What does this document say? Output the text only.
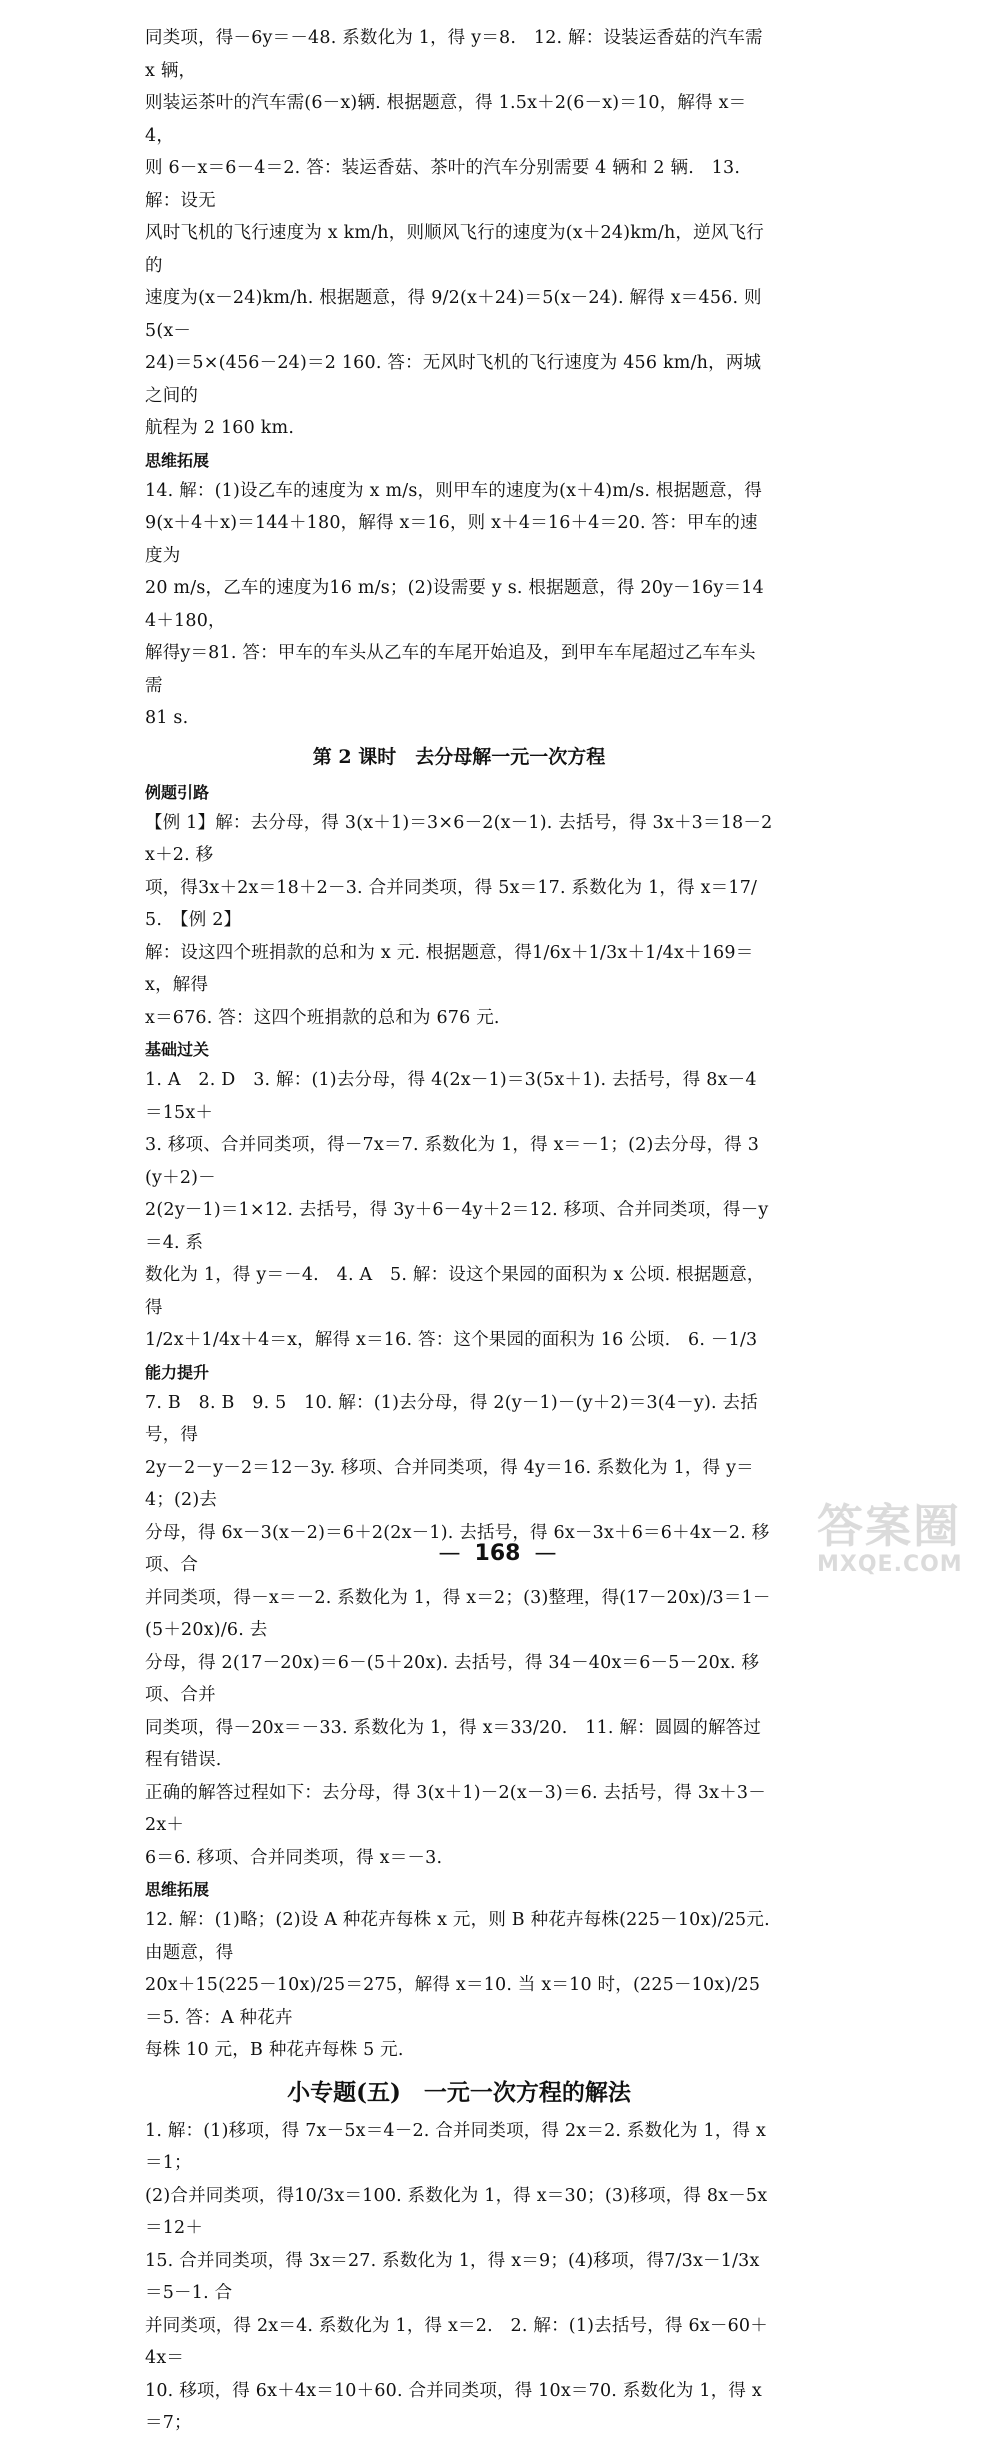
同类项，得－6y＝－48. 系数化为 1，得 y＝8.　12. 解：设装运香菇的汽车需 x 辆，

则装运茶叶的汽车需(6－x)辆. 根据题意，得 1.5x＋2(6－x)＝10，解得 x＝4，

则 6－x＝6－4＝2. 答：装运香菇、茶叶的汽车分别需要 4 辆和 2 辆.　13. 解：设无

风时飞机的飞行速度为 x km/h，则顺风飞行的速度为(x＋24)km/h，逆风飞行的

速度为(x－24)km/h. 根据题意，得 9/2(x＋24)＝5(x－24). 解得 x＝456. 则 5(x－

24)＝5×(456－24)＝2 160. 答：无风时飞机的飞行速度为 456 km/h，两城之间的

航程为 2 160 km.

思维拓展

14. 解：(1)设乙车的速度为 x m/s，则甲车的速度为(x＋4)m/s. 根据题意，得

9(x＋4＋x)＝144＋180，解得 x＝16，则 x＋4＝16＋4＝20. 答：甲车的速度为

20 m/s，乙车的速度为16 m/s；(2)设需要 y s. 根据题意，得 20y－16y＝144＋180，

解得y＝81. 答：甲车的车头从乙车的车尾开始追及，到甲车车尾超过乙车车头需

81 s.

第 2 课时　去分母解一元一次方程
例题引路

【例 1】解：去分母，得 3(x＋1)＝3×6－2(x－1). 去括号，得 3x＋3＝18－2x＋2. 移

项，得3x＋2x＝18＋2－3. 合并同类项，得 5x＝17. 系数化为 1，得 x＝17/5.　【例 2】

解：设这四个班捐款的总和为 x 元. 根据题意，得1/6x＋1/3x＋1/4x＋169＝x，解得

x＝676. 答：这四个班捐款的总和为 676 元.

基础过关

1. A　2. D　3. 解：(1)去分母，得 4(2x－1)＝3(5x＋1). 去括号，得 8x－4＝15x＋

3. 移项、合并同类项，得－7x＝7. 系数化为 1，得 x＝－1；(2)去分母，得 3(y＋2)－

2(2y－1)＝1×12. 去括号，得 3y＋6－4y＋2＝12. 移项、合并同类项，得－y＝4. 系

数化为 1，得 y＝－4.　4. A　5. 解：设这个果园的面积为 x 公顷. 根据题意，得

1/2x＋1/4x＋4＝x，解得 x＝16. 答：这个果园的面积为 16 公顷.　6. －1/3

能力提升

7. B　8. B　9. 5　10. 解：(1)去分母，得 2(y－1)－(y＋2)＝3(4－y). 去括号，得

2y－2－y－2＝12－3y. 移项、合并同类项，得 4y＝16. 系数化为 1，得 y＝4；(2)去

分母，得 6x－3(x－2)＝6＋2(2x－1). 去括号，得 6x－3x＋6＝6＋4x－2. 移项、合

并同类项，得－x＝－2. 系数化为 1，得 x＝2；(3)整理，得(17－20x)/3＝1－(5＋20x)/6. 去

分母，得 2(17－20x)＝6－(5＋20x). 去括号，得 34－40x＝6－5－20x. 移项、合并

同类项，得－20x＝－33. 系数化为 1，得 x＝33/20.　11. 解：圆圆的解答过程有错误.

正确的解答过程如下：去分母，得 3(x＋1)－2(x－3)＝6. 去括号，得 3x＋3－2x＋

6＝6. 移项、合并同类项，得 x＝－3.

思维拓展

12. 解：(1)略；(2)设 A 种花卉每株 x 元，则 B 种花卉每株(225－10x)/25元. 由题意，得

20x＋15(225－10x)/25＝275，解得 x＝10. 当 x＝10 时，(225－10x)/25＝5. 答：A 种花卉

每株 10 元，B 种花卉每株 5 元.

小专题(五)　一元一次方程的解法

1. 解：(1)移项，得 7x－5x＝4－2. 合并同类项，得 2x＝2. 系数化为 1，得 x＝1；

(2)合并同类项，得10/3x＝100. 系数化为 1，得 x＝30；(3)移项，得 8x－5x＝12＋

15. 合并同类项，得 3x＝27. 系数化为 1，得 x＝9；(4)移项，得7/3x－1/3x＝5－1. 合

并同类项，得 2x＝4. 系数化为 1，得 x＝2.　2. 解：(1)去括号，得 6x－60＋4x＝

10. 移项，得 6x＋4x＝10＋60. 合并同类项，得 10x＝70. 系数化为 1，得 x＝7；

— 168 —
答案圈
MXQE.COM
